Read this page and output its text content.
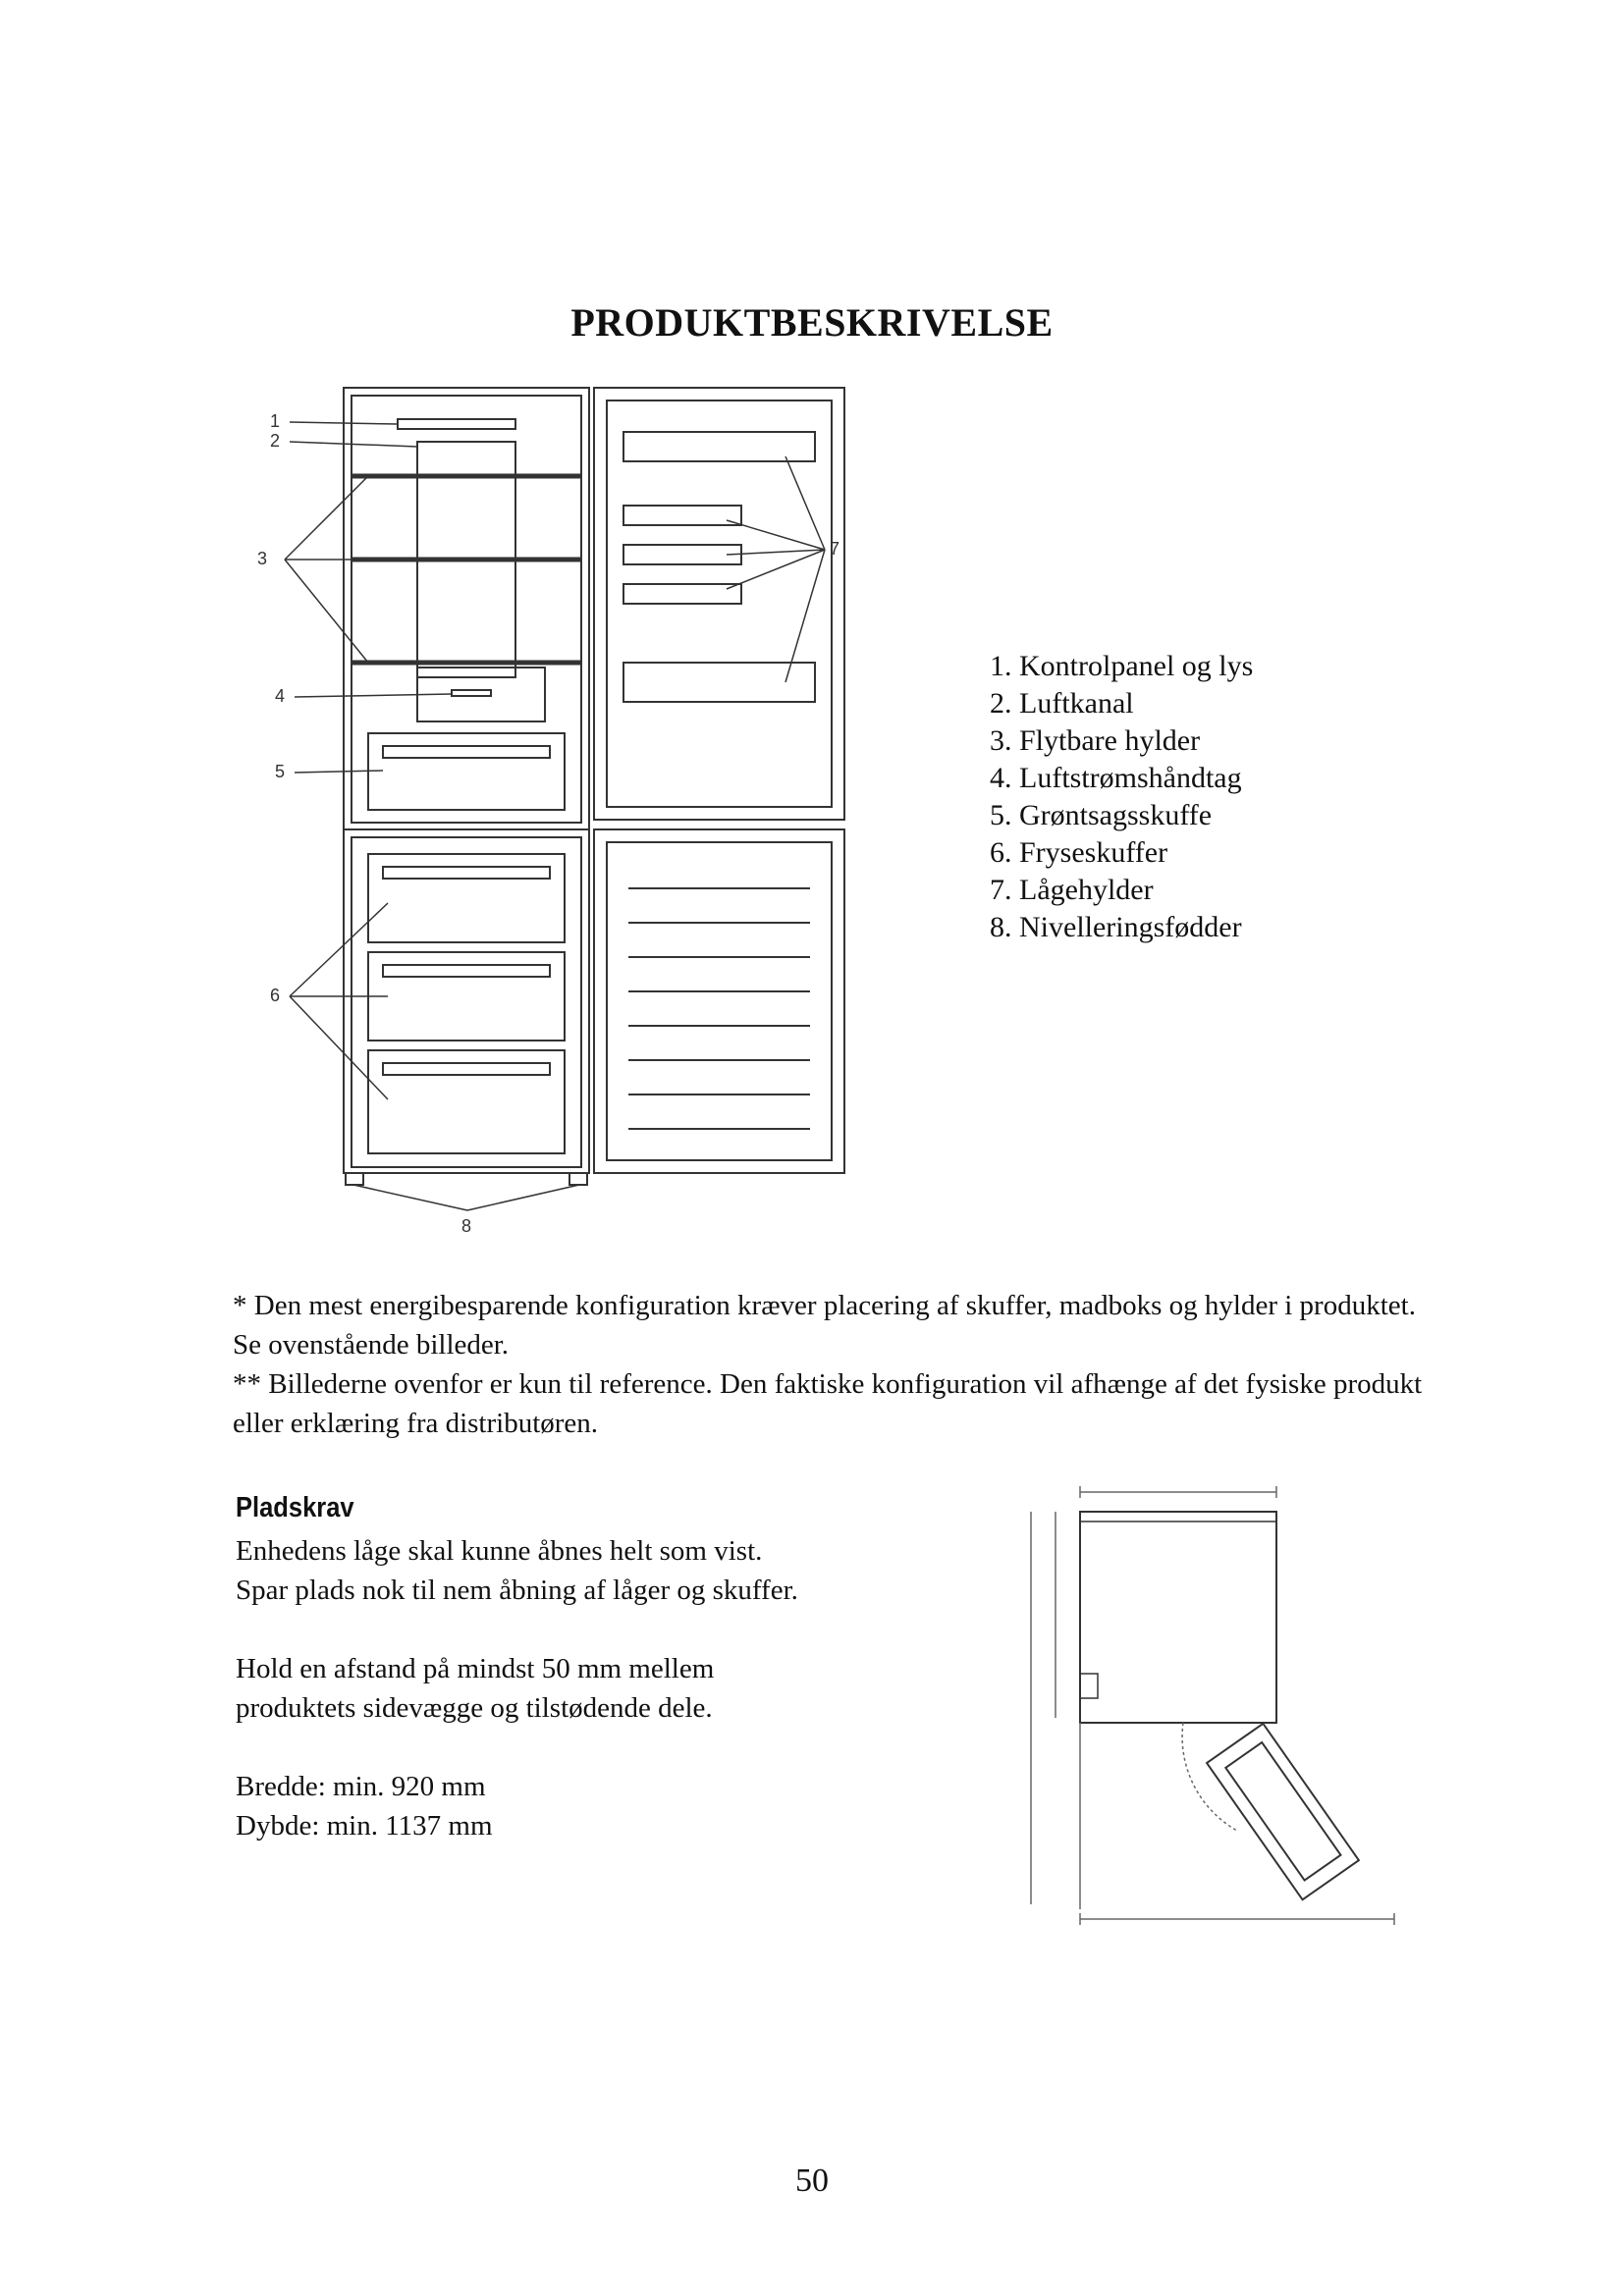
PRODUKTBESKRIVELSE
1
2
3
4
5
6
7
8
1. Kontrolpanel og lys
2. Luftkanal
3. Flytbare hylder
4. Luftstrømshåndtag
5. Grøntsagsskuffe
6. Fryseskuffer
7. Lågehylder
8. Nivelleringsfødder

* Den mest energibesparende konfiguration kræver placering af skuffer, madboks og hylder i produktet. Se ovenstående billeder.

** Billederne ovenfor er kun til reference. Den faktiske konfiguration vil afhænge af det fysiske produkt eller erklæring fra distributøren.

Pladskrav

Enhedens låge skal kunne åbnes helt som vist.

Spar plads nok til nem åbning af låger og skuffer.

Hold en afstand på mindst 50 mm mellem

produktets sidevægge og tilstødende dele.

Bredde: min. 920 mm

Dybde: min. 1137 mm

50
